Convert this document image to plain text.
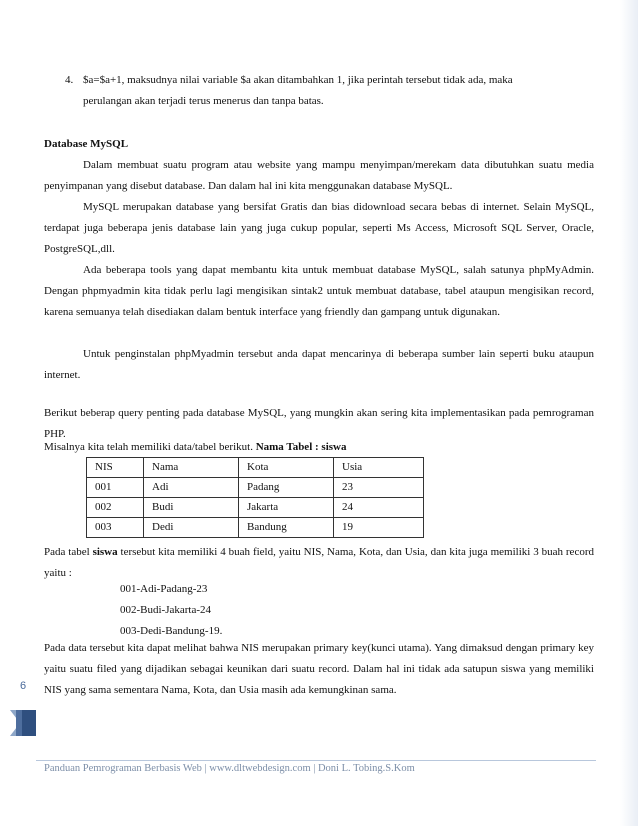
4. $a=$a+1, maksudnya nilai variable $a akan ditambahkan 1, jika perintah tersebut tidak ada, maka
perulangan akan terjadi terus menerus dan tanpa batas.
Database MySQL

Dalam membuat suatu program atau website yang mampu menyimpan/merekam data dibutuhkan suatu media penyimpanan yang disebut database. Dan dalam hal ini kita menggunakan database MySQL.

MySQL merupakan database yang bersifat Gratis dan bias didownload secara bebas di internet. Selain MySQL, terdapat juga beberapa jenis database lain yang juga cukup popular, seperti Ms Access, Microsoft SQL Server, Oracle, PostgreSQL,dll.

Ada beberapa tools yang dapat membantu kita untuk membuat database MySQL, salah satunya phpMyAdmin. Dengan phpmyadmin kita tidak perlu lagi mengisikan sintak2 untuk membuat database, tabel ataupun mengisikan record, karena semuanya telah disediakan dalam bentuk interface yang friendly dan gampang untuk digunakan.

Untuk penginstalan phpMyadmin tersebut anda dapat mencarinya di beberapa sumber lain seperti buku ataupun internet.

Berikut beberap query penting pada database MySQL, yang mungkin akan sering kita implementasikan pada pemrograman PHP.

Misalnya kita telah memiliki data/tabel berikut. Nama Tabel : siswa

NIS	Nama	Kota	Usia
001	Adi	Padang	23
002	Budi	Jakarta	24
003	Dedi	Bandung	19

Pada tabel siswa tersebut kita memiliki 4 buah field, yaitu NIS, Nama, Kota, dan Usia, dan kita juga memiliki 3 buah record yaitu :

001-Adi-Padang-23
002-Budi-Jakarta-24
003-Dedi-Bandung-19.

Pada data tersebut kita dapat melihat bahwa NIS merupakan primary key(kunci utama). Yang dimaksud dengan primary key yaitu suatu filed yang dijadikan sebagai keunikan dari suatu record. Dalam hal ini tidak ada satupun siswa yang memiliki NIS yang sama sementara Nama, Kota, dan Usia masih ada kemungkinan sama.

6
Panduan Pemrograman Berbasis Web | www.dltwebdesign.com | Doni L. Tobing.S.Kom
